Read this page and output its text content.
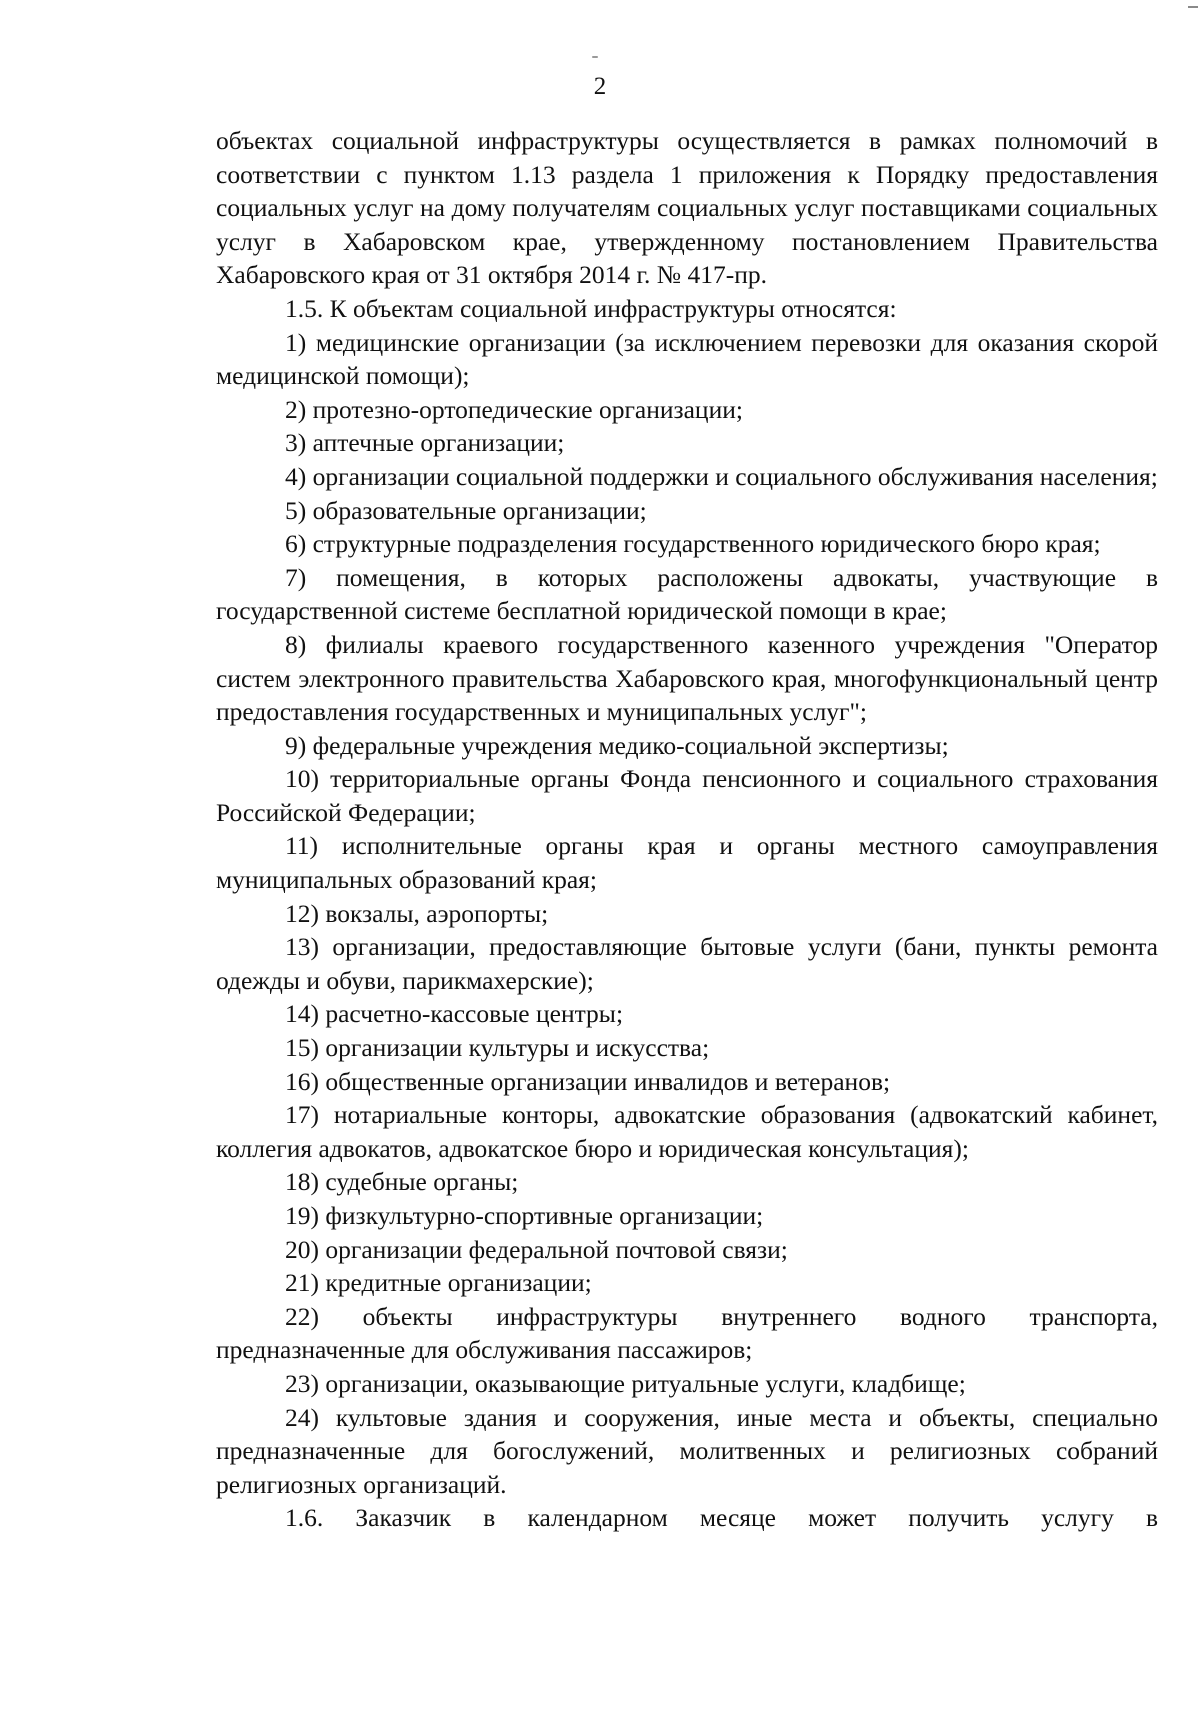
2

объектах социальной инфраструктуры осуществляется в рамках полномочий в соответствии с пунктом 1.13 раздела 1 приложения к Порядку предоставления социальных услуг на дому получателям социальных услуг поставщиками социальных услуг в Хабаровском крае, утвержденному постановлением Правительства Хабаровского края от 31 октября 2014 г. № 417-пр.

1.5. К объектам социальной инфраструктуры относятся:

1) медицинские организации (за исключением перевозки для оказания скорой медицинской помощи);

2) протезно-ортопедические организации;

3) аптечные организации;

4) организации социальной поддержки и социального обслуживания населения;

5) образовательные организации;

6) структурные подразделения государственного юридического бюро края;

7) помещения, в которых расположены адвокаты, участвующие в государственной системе бесплатной юридической помощи в крае;

8) филиалы краевого государственного казенного учреждения "Оператор систем электронного правительства Хабаровского края, многофункциональный центр предоставления государственных и муниципальных услуг";

9) федеральные учреждения медико-социальной экспертизы;

10) территориальные органы Фонда пенсионного и социального страхования Российской Федерации;

11) исполнительные органы края и органы местного самоуправления муниципальных образований края;

12) вокзалы, аэропорты;

13) организации, предоставляющие бытовые услуги (бани, пункты ремонта одежды и обуви, парикмахерские);

14) расчетно-кассовые центры;

15) организации культуры и искусства;

16) общественные организации инвалидов и ветеранов;

17) нотариальные конторы, адвокатские образования (адвокатский кабинет, коллегия адвокатов, адвокатское бюро и юридическая консультация);

18) судебные органы;

19) физкультурно-спортивные организации;

20) организации федеральной почтовой связи;

21) кредитные организации;

22) объекты инфраструктуры внутреннего водного транспорта, предназначенные для обслуживания пассажиров;

23) организации, оказывающие ритуальные услуги, кладбище;

24) культовые здания и сооружения, иные места и объекты, специально предназначенные для богослужений, молитвенных и религиозных собраний религиозных организаций.

1.6. Заказчик в календарном месяце может получить услугу в
